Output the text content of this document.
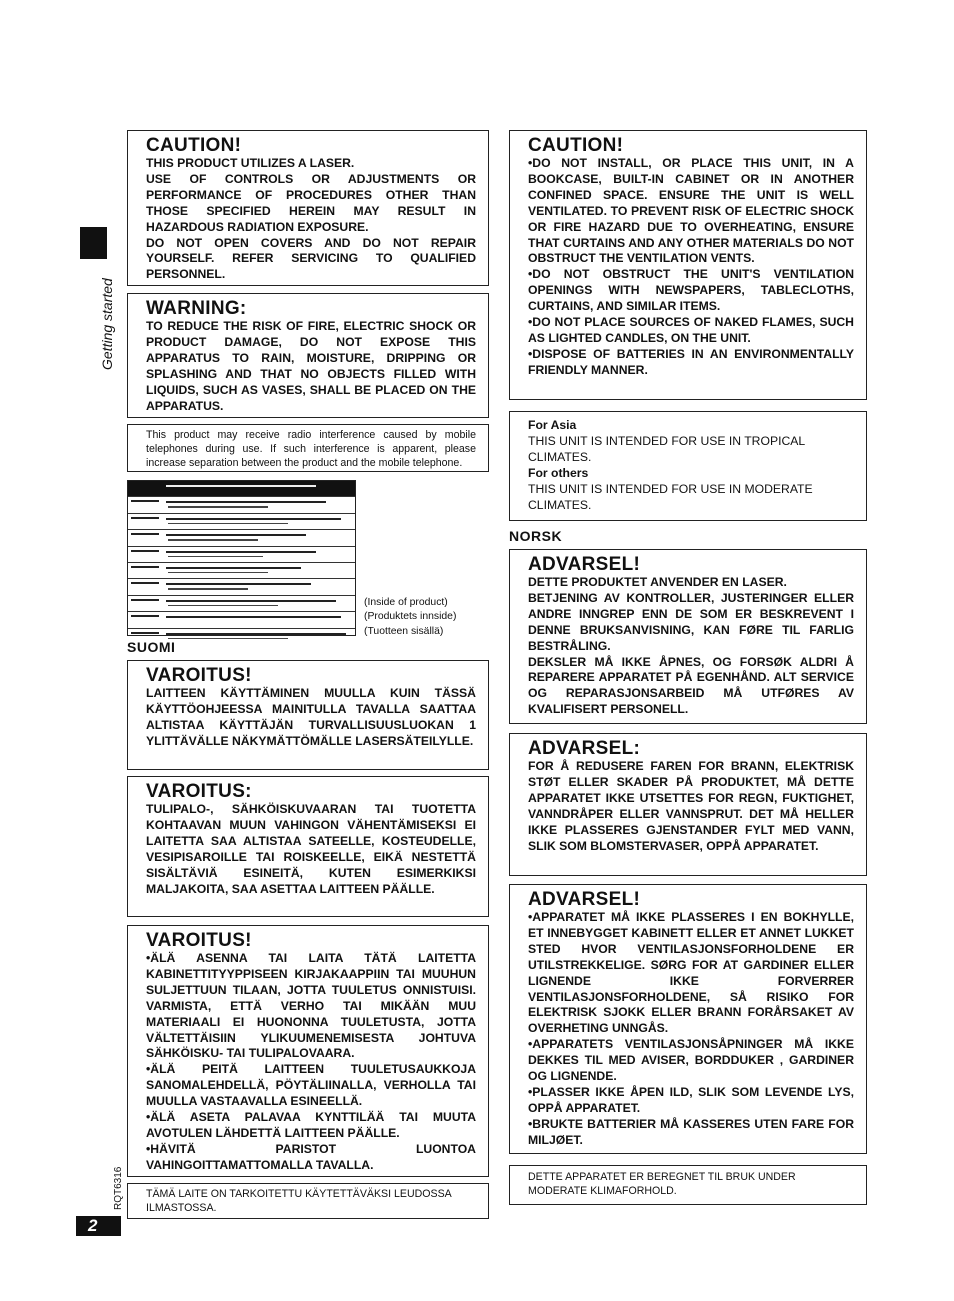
Getting started
RQT6316
2
CAUTION!

THIS PRODUCT UTILIZES A LASER.

USE OF CONTROLS OR ADJUSTMENTS OR PERFORMANCE OF PROCEDURES OTHER THAN THOSE SPECIFIED HEREIN MAY RESULT IN HAZARDOUS RADIATION EXPOSURE.

DO NOT OPEN COVERS AND DO NOT REPAIR YOURSELF. REFER SERVICING TO QUALIFIED PERSONNEL.

WARNING:

TO REDUCE THE RISK OF FIRE, ELECTRIC SHOCK OR PRODUCT DAMAGE, DO NOT EXPOSE THIS APPARATUS TO RAIN, MOISTURE, DRIPPING OR SPLASHING AND THAT NO OBJECTS FILLED WITH LIQUIDS, SUCH AS VASES, SHALL BE PLACED ON THE APPARATUS.

This product may receive radio interference caused by mobile telephones during use. If such interference is apparent, please increase separation between the product and the mobile telephone.

(Inside of product)
(Produktets innside)
(Tuotteen sisällä)
SUOMI
VAROITUS!

LAITTEEN KÄYTTÄMINEN MUULLA KUIN TÄSSÄ KÄYTTÖOHJEESSA MAINITULLA TAVALLA SAATTAA ALTISTAA KÄYTTÄJÄN TURVALLISUUSLUOKAN 1 YLITTÄVÄLLE NÄKYMÄTTÖMÄLLE LASERSÄTEILYLLE.

VAROITUS:

TULIPALO-, SÄHKÖISKUVAARAN TAI TUOTETTA KOHTAAVAN MUUN VAHINGON VÄHENTÄMISEKSI EI LAITETTA SAA ALTISTAA SATEELLE, KOSTEUDELLE, VESIPISAROILLE TAI ROISKEELLE, EIKÄ NESTETTÄ SISÄLTÄVIÄ ESINEITÄ, KUTEN ESIMERKIKSI MALJAKOITA, SAA ASETTAA LAITTEEN PÄÄLLE.

VAROITUS!
• ÄLÄ ASENNA TAI LAITA TÄTÄ LAITETTA KABINETTITYYPPISEEN KIRJAKAAPPIIN TAI MUUHUN SULJETTUUN TILAAN, JOTTA TUULETUS ONNISTUISI. VARMISTA, ETTÄ VERHO TAI MIKÄÄN MUU MATERIAALI EI HUONONNA TUULETUSTA, JOTTA VÄLTETTÄISIIN YLIKUUMENEMISESTA JOHTUVA SÄHKÖISKU- TAI TULIPALOVAARA.
• ÄLÄ PEITÄ LAITTEEN TUULETUSAUKKOJA SANOMALEHDELLÄ, PÖYTÄLIINALLA, VERHOLLA TAI MUULLA VASTAAVALLA ESINEELLÄ.
• ÄLÄ ASETA PALAVAA KYNTTILÄÄ TAI MUUTA AVOTULEN LÄHDETTÄ LAITTEEN PÄÄLLE.
• HÄVITÄ PARISTOT LUONTOA VAHINGOITTAMATTOMALLA TAVALLA.

TÄMÄ LAITE ON TARKOITETTU KÄYTETTÄVÄKSI LEUDOSSA ILMASTOSSA.

CAUTION!
• DO NOT INSTALL, OR PLACE THIS UNIT, IN A BOOKCASE, BUILT-IN CABINET OR IN ANOTHER CONFINED SPACE. ENSURE THE UNIT IS WELL VENTILATED. TO PREVENT RISK OF ELECTRIC SHOCK OR FIRE HAZARD DUE TO OVERHEATING, ENSURE THAT CURTAINS AND ANY OTHER MATERIALS DO NOT OBSTRUCT THE VENTILATION VENTS.
• DO NOT OBSTRUCT THE UNIT'S VENTILATION OPENINGS WITH NEWSPAPERS, TABLECLOTHS, CURTAINS, AND SIMILAR ITEMS.
• DO NOT PLACE SOURCES OF NAKED FLAMES, SUCH AS LIGHTED CANDLES, ON THE UNIT.
• DISPOSE OF BATTERIES IN AN ENVIRONMENTALLY FRIENDLY MANNER.

For Asia

THIS UNIT IS INTENDED FOR USE IN TROPICAL CLIMATES.

For others

THIS UNIT IS INTENDED FOR USE IN MODERATE CLIMATES.

NORSK
ADVARSEL!

DETTE PRODUKTET ANVENDER EN LASER.

BETJENING AV KONTROLLER, JUSTERINGER ELLER ANDRE INNGREP ENN DE SOM ER BESKREVENT I DENNE BRUKSANVISNING, KAN FØRE TIL FARLIG BESTRÅLING.

DEKSLER MÅ IKKE ÅPNES, OG FORSØK ALDRI Å REPARERE APPARATET PÅ EGENHÅND. ALT SERVICE OG REPARASJONSARBEID MÅ UTFØRES AV KVALIFISERT PERSONELL.

ADVARSEL:

FOR Å REDUSERE FAREN FOR BRANN, ELEKTRISK STØT ELLER SKADER PÅ PRODUKTET, MÅ DETTE APPARATET IKKE UTSETTES FOR REGN, FUKTIGHET, VANNDRÅPER ELLER VANNSPRUT. DET MÅ HELLER IKKE PLASSERES GJENSTANDER FYLT MED VANN, SLIK SOM BLOMSTERVASER, OPPÅ APPARATET.

ADVARSEL!
• APPARATET MÅ IKKE PLASSERES I EN BOKHYLLE, ET INNEBYGGET KABINETT ELLER ET ANNET LUKKET STED HVOR VENTILASJONSFORHOLDENE ER UTILSTREKKELIGE. SØRG FOR AT GARDINER ELLER LIGNENDE IKKE FORVERRER VENTILASJONSFORHOLDENE, SÅ RISIKO FOR ELEKTRISK SJOKK ELLER BRANN FORÅRSAKET AV OVERHETING UNNGÅS.
• APPARATETS VENTILASJONSÅPNINGER MÅ IKKE DEKKES TIL MED AVISER, BORDDUKER , GARDINER OG LIGNENDE.
• PLASSER IKKE ÅPEN ILD, SLIK SOM LEVENDE LYS, OPPÅ APPARATET.
• BRUKTE BATTERIER MÅ KASSERES UTEN FARE FOR MILJØET.

DETTE APPARATET ER BEREGNET TIL BRUK UNDER MODERATE KLIMAFORHOLD.
